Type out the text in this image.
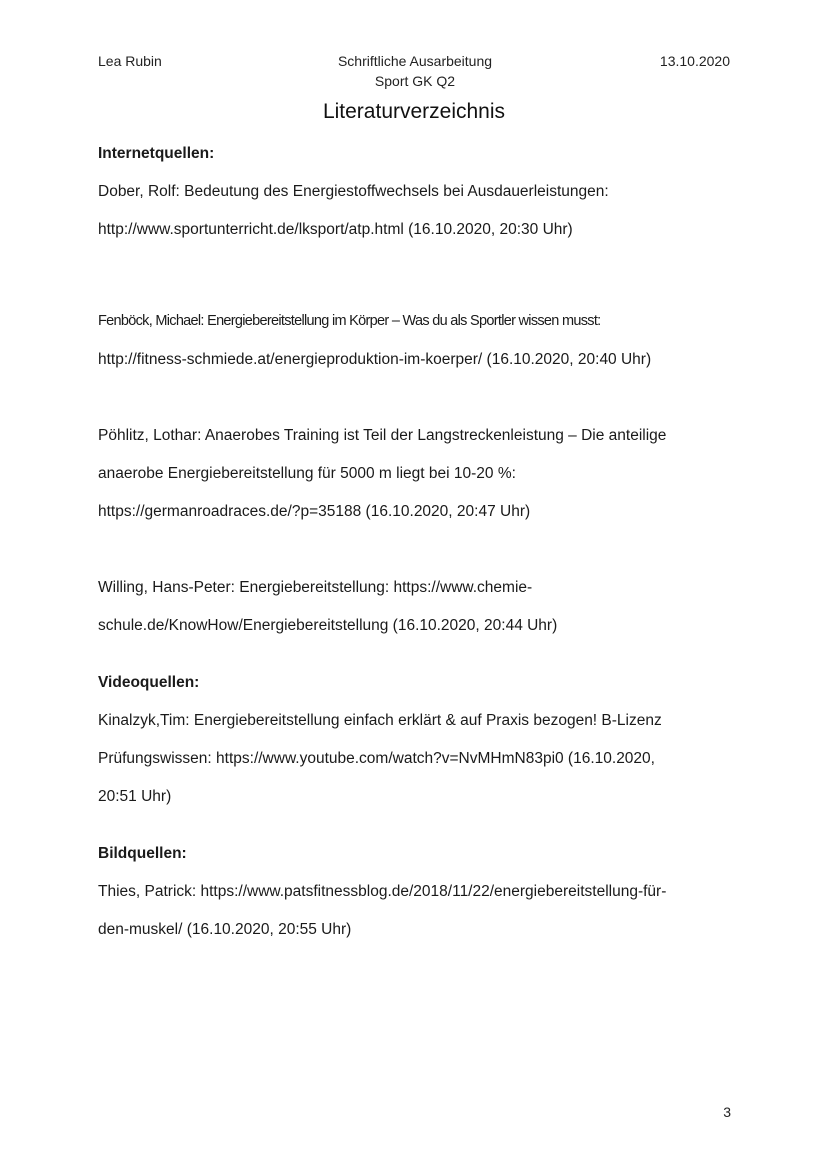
Lea Rubin	Schriftliche Ausarbeitung
Sport GK Q2
13.10.2020
Literaturverzeichnis
Internetquellen:

Dober, Rolf: Bedeutung des Energiestoffwechsels bei Ausdauerleistungen:

http://www.sportunterricht.de/lksport/atp.html (16.10.2020, 20:30 Uhr)

Fenböck, Michael: Energiebereitstellung im Körper – Was du als Sportler wissen musst:

http://fitness-schmiede.at/energieproduktion-im-koerper/ (16.10.2020, 20:40 Uhr)

Pöhlitz, Lothar: Anaerobes Training ist Teil der Langstreckenleistung – Die anteilige

anaerobe Energiebereitstellung für 5000 m liegt bei 10-20 %:

https://germanroadraces.de/?p=35188 (16.10.2020, 20:47 Uhr)

Willing, Hans-Peter: Energiebereitstellung: https://www.chemie-

schule.de/KnowHow/Energiebereitstellung (16.10.2020, 20:44 Uhr)

Videoquellen:

Kinalzyk,Tim: Energiebereitstellung einfach erklärt & auf Praxis bezogen! B-Lizenz

Prüfungswissen: https://www.youtube.com/watch?v=NvMHmN83pi0 (16.10.2020,

20:51 Uhr)

Bildquellen:

Thies, Patrick: https://www.patsfitnessblog.de/2018/11/22/energiebereitstellung-für-

den-muskel/ (16.10.2020, 20:55 Uhr)

3
